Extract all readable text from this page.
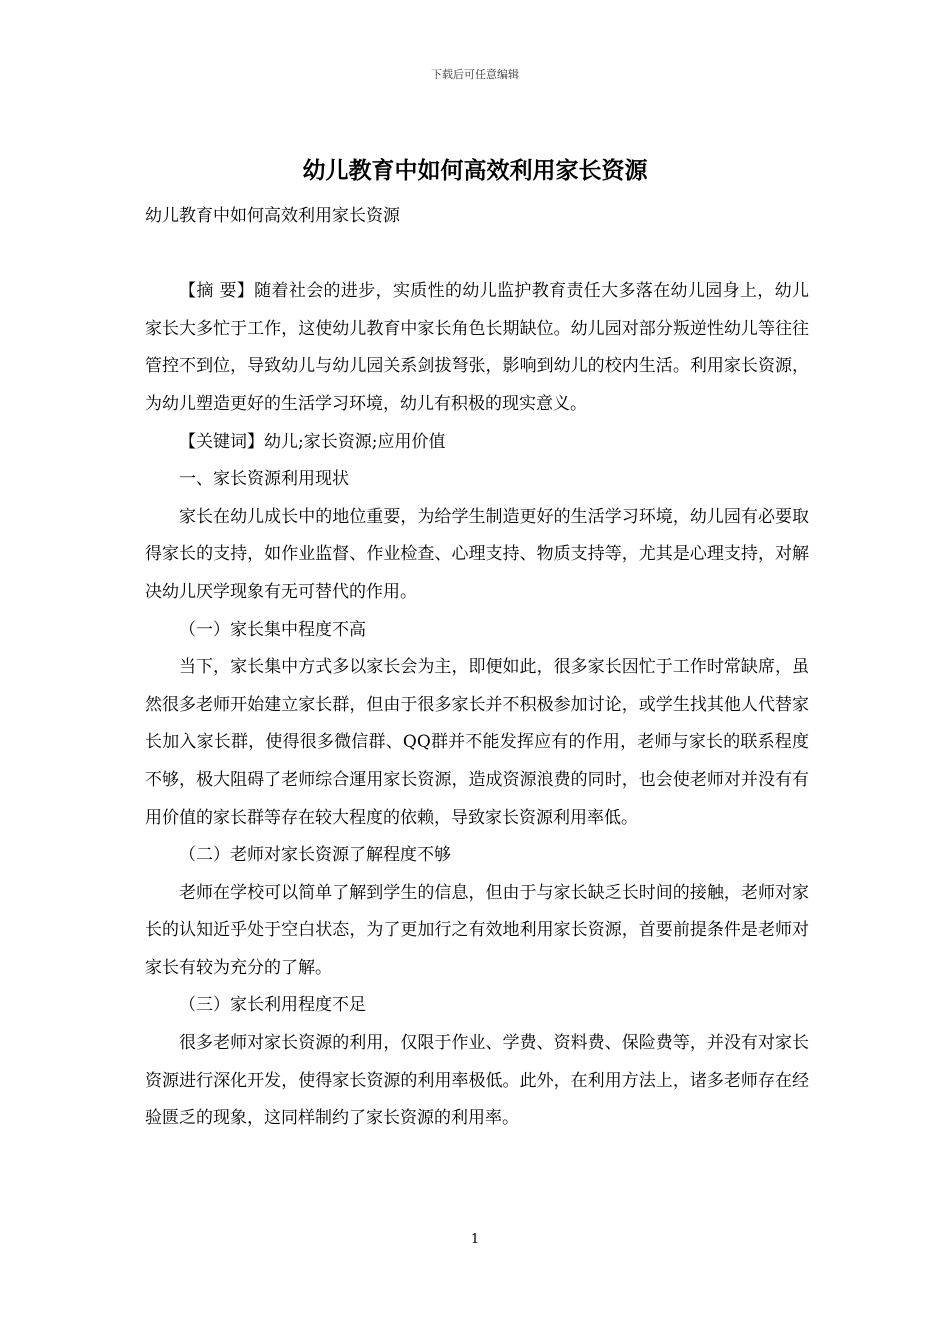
下载后可任意编辑
幼儿教育中如何高效利用家长资源

幼儿教育中如何高效利用家长资源

【摘 要】随着社会的进步，实质性的幼儿监护教育责任大多落在幼儿园身上，幼儿家长大多忙于工作，这使幼儿教育中家长角色长期缺位。幼儿园对部分叛逆性幼儿等往往管控不到位，导致幼儿与幼儿园关系剑拔弩张，影响到幼儿的校内生活。利用家长资源，为幼儿塑造更好的生活学习环境，幼儿有积极的现实意义。

【关键词】幼儿;家长资源;应用价值

一、家长资源利用现状

家长在幼儿成长中的地位重要，为给学生制造更好的生活学习环境，幼儿园有必要取得家长的支持，如作业监督、作业检查、心理支持、物质支持等，尤其是心理支持，对解决幼儿厌学现象有无可替代的作用。

（一）家长集中程度不高

当下，家长集中方式多以家长会为主，即便如此，很多家长因忙于工作时常缺席，虽然很多老师开始建立家长群，但由于很多家长并不积极参加讨论，或学生找其他人代替家长加入家长群，使得很多微信群、QQ群并不能发挥应有的作用，老师与家长的联系程度不够，极大阻碍了老师综合運用家长资源，造成资源浪费的同时，也会使老师对并没有有用价值的家长群等存在较大程度的依赖，导致家长资源利用率低。

（二）老师对家长资源了解程度不够

老师在学校可以简单了解到学生的信息，但由于与家长缺乏长时间的接触，老师对家长的认知近乎处于空白状态，为了更加行之有效地利用家长资源，首要前提条件是老师对家长有较为充分的了解。

（三）家长利用程度不足

很多老师对家长资源的利用，仅限于作业、学费、资料费、保险费等，并没有对家长资源进行深化开发，使得家长资源的利用率极低。此外，在利用方法上，诸多老师存在经验匮乏的现象，这同样制约了家长资源的利用率。

1
